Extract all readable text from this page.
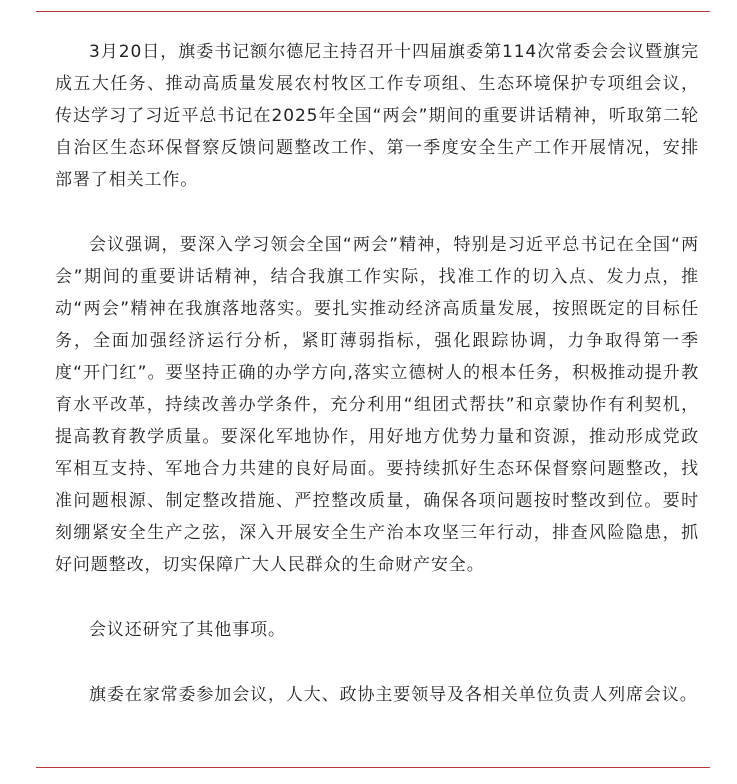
3月20日，旗委书记额尔德尼主持召开十四届旗委第114次常委会会议暨旗完成五大任务、推动高质量发展农村牧区工作专项组、生态环境保护专项组会议，传达学习了习近平总书记在2025年全国“两会”期间的重要讲话精神，听取第二轮自治区生态环保督察反馈问题整改工作、第一季度安全生产工作开展情况，安排部署了相关工作。

会议强调，要深入学习领会全国“两会”精神，特别是习近平总书记在全国“两会”期间的重要讲话精神，结合我旗工作实际，找准工作的切入点、发力点，推动“两会”精神在我旗落地落实。要扎实推动经济高质量发展，按照既定的目标任务，全面加强经济运行分析，紧盯薄弱指标，强化跟踪协调，力争取得第一季度“开门红”。要坚持正确的办学方向,落实立德树人的根本任务，积极推动提升教育水平改革，持续改善办学条件，充分利用“组团式帮扶”和京蒙协作有利契机，提高教育教学质量。要深化军地协作，用好地方优势力量和资源，推动形成党政军相互支持、军地合力共建的良好局面。要持续抓好生态环保督察问题整改，找准问题根源、制定整改措施、严控整改质量，确保各项问题按时整改到位。要时刻绷紧安全生产之弦，深入开展安全生产治本攻坚三年行动，排查风险隐患，抓好问题整改，切实保障广大人民群众的生命财产安全。

会议还研究了其他事项。

旗委在家常委参加会议，人大、政协主要领导及各相关单位负责人列席会议。
